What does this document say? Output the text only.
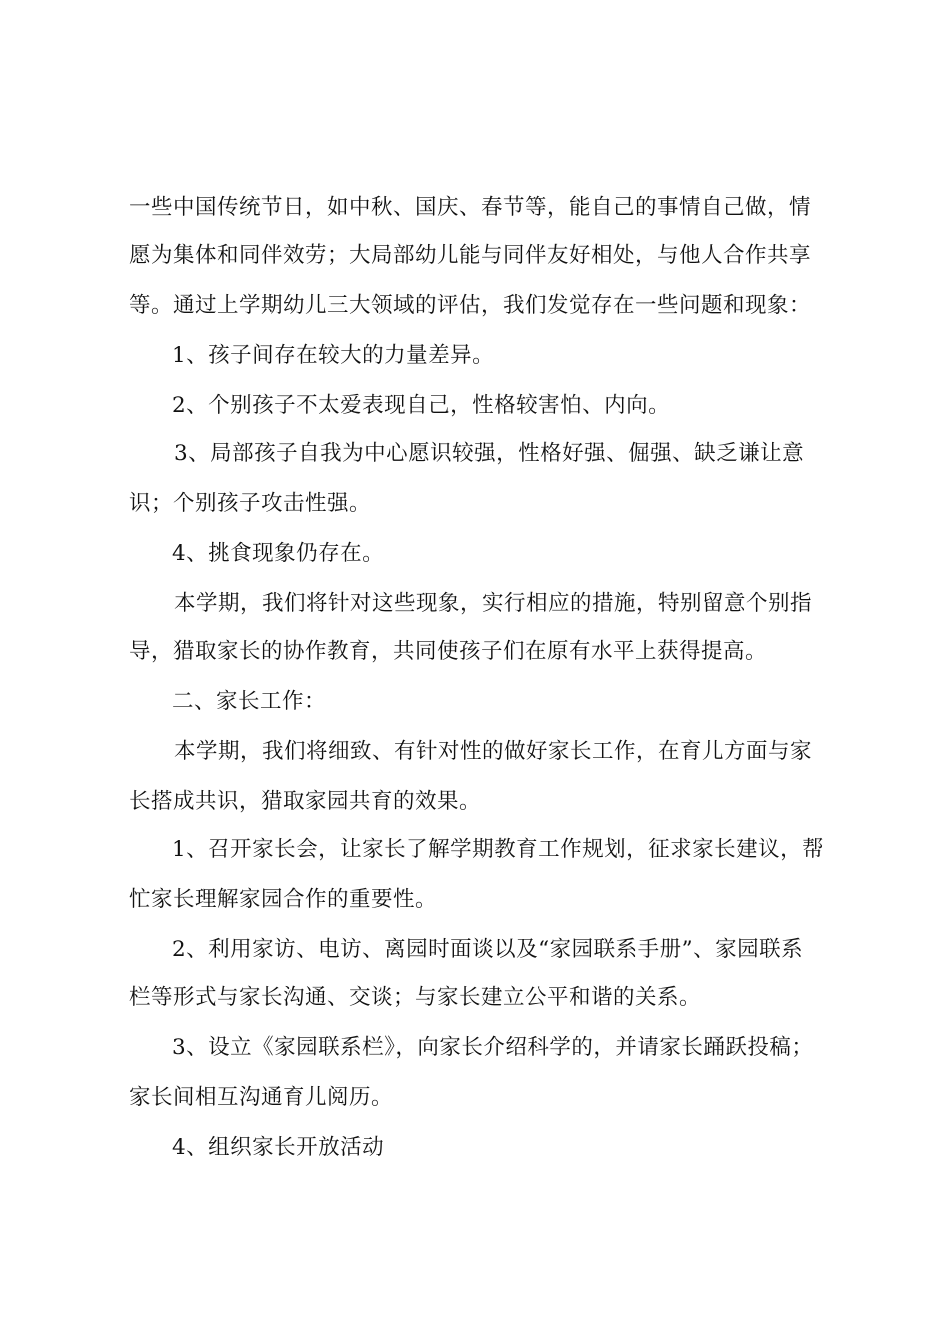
一些中国传统节日，如中秋、国庆、春节等，能自己的事情自己做，情
愿为集体和同伴效劳；大局部幼儿能与同伴友好相处，与他人合作共享
等。通过上学期幼儿三大领域的评估，我们发觉存在一些问题和现象：
1、孩子间存在较大的力量差异。
2、个别孩子不太爱表现自己，性格较害怕、内向。
3、局部孩子自我为中心愿识较强，性格好强、倔强、缺乏谦让意
识；个别孩子攻击性强。
4、挑食现象仍存在。
本学期，我们将针对这些现象，实行相应的措施，特别留意个别指
导，猎取家长的协作教育，共同使孩子们在原有水平上获得提高。
二、家长工作：
本学期，我们将细致、有针对性的做好家长工作，在育儿方面与家
长搭成共识，猎取家园共育的效果。
1、召开家长会，让家长了解学期教育工作规划，征求家长建议，帮
忙家长理解家园合作的重要性。
2、利用家访、电访、离园时面谈以及“家园联系手册”、家园联系
栏等形式与家长沟通、交谈；与家长建立公平和谐的关系。
3、设立《家园联系栏》，向家长介绍科学的，并请家长踊跃投稿；
家长间相互沟通育儿阅历。
4、组织家长开放活动
